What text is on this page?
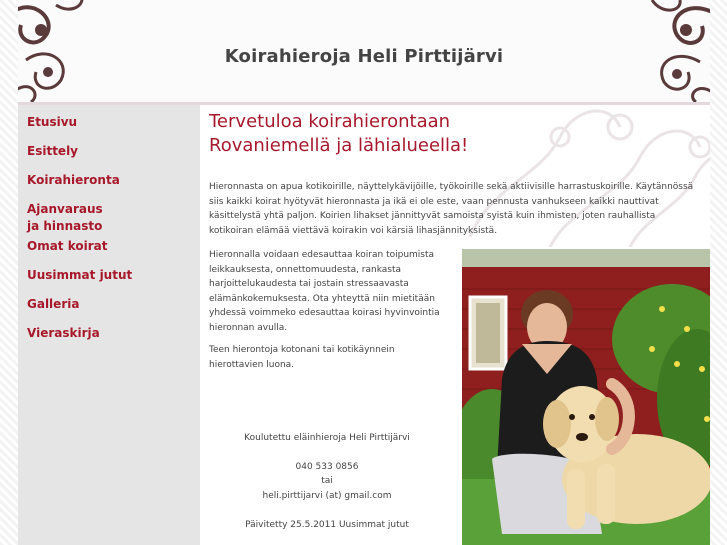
Koirahieroja Heli Pirttijärvi
Etusivu
Esittely
Koirahieronta
Ajanvaraus ja hinnasto
Omat koirat
Uusimmat jutut
Galleria
Vieraskirja
Tervetuloa koirahierontaan
Rovaniemellä ja lähialueella!
Hieronnasta on apua kotikoirille, näyttelykävijöille, työkoirille sekä aktiivisille harrastuskoirille. Käytännössä siis kaikki koirat hyötyvät hieronnasta ja ikä ei ole este, vaan pennusta vanhukseen kaikki nauttivat käsittelystä yhtä paljon. Koirien lihakset jännittyvät samoista syistä kuin ihmisten, joten rauhallista kotikoiran elämää viettävä koirakin voi kärsiä lihasjännityksistä.
Hieronnalla voidaan edesauttaa koiran toipumista leikkauksesta, onnettomuudesta, rankasta harjoittelukaudesta tai jostain stressaavasta elämänkokemuksesta. Ota yhteyttä niin mietitään yhdessä voimmeko edesauttaa koirasi hyvinvointia hieronnan avulla.
Teen hierontoja kotonani tai kotikäynnein hierottavien luona.
Koulutettu eläinhieroja Heli Pirttijärvi
040 533 0856
tai
heli.pirttijarvi (at) gmail.com
Päivitetty 25.5.2011 Uusimmat jutut
